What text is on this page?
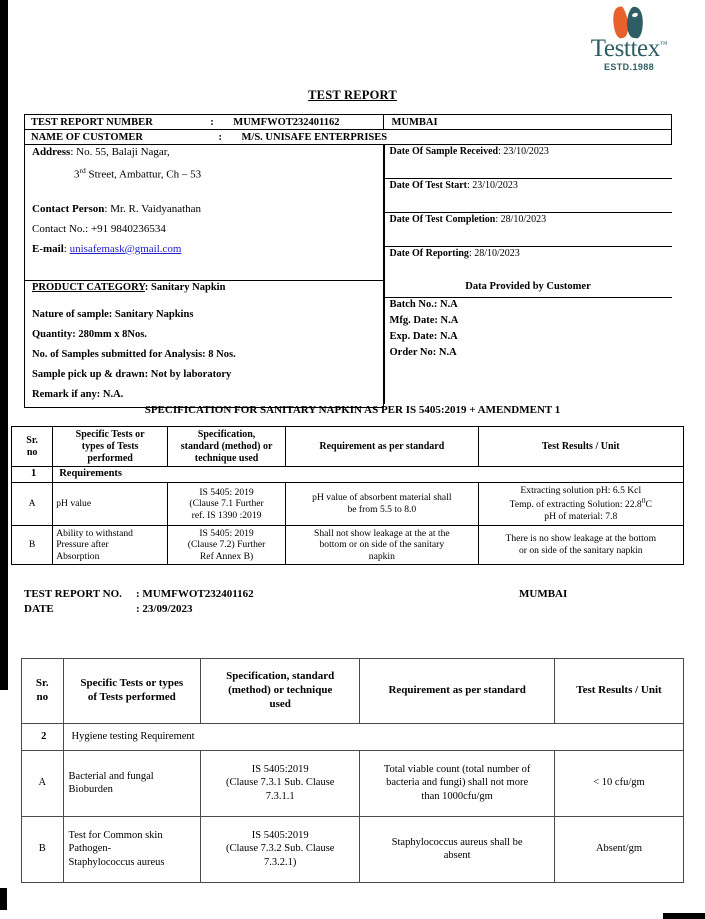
Testtex™
ESTD.1988
TEST REPORT
TEST REPORT NUMBER	: MUMFWOT232401162	MUMBAI
NAME OF CUSTOMER	: M/S. UNISAFE ENTERPRISES

Address: No. 55, Balaji Nagar,
3rd Street, Ambattur, Ch – 53
Contact Person: Mr. R. Vaidyanathan
Contact No.: +91 9840236534
E-mail: unisafemask@gmail.com

Date Of Sample Received: 23/10/2023
Date Of Test Start: 23/10/2023
Date Of Test Completion: 28/10/2023
Date Of Reporting: 28/10/2023

PRODUCT CATEGORY: Sanitary Napkin
Nature of sample: Sanitary Napkins
Quantity: 280mm x 8Nos.
No. of Samples submitted for Analysis: 8 Nos.
Sample pick up & drawn: Not by laboratory
Remark if any: N.A.

Data Provided by Customer

Batch No.: N.A
Mfg. Date: N.A
Exp. Date: N.A
Order No: N.A
SPECIFICATION FOR SANITARY NAPKIN AS PER IS 5405:2019 + AMENDMENT 1
Sr.
no	Specific Tests or
types of Tests
performed	Specification,
standard (method) or
technique used	Requirement as per standard	Test Results / Unit
1	Requirements			
A	pH value	IS 5405: 2019
(Clause 7.1 Further
ref. IS 1390 :2019	pH value of absorbent material shall
be from 5.5 to 8.0	Extracting solution pH: 6.5 Kcl
Temp. of extracting Solution: 22.8$^0$C
pH of material: 7.8
B	Ability to withstand
Pressure after
Absorption	IS 5405: 2019
(Clause 7.2) Further
Ref Annex B)	Shall not show leakage at the at the
bottom or on side of the sanitary
napkin	There is no show leakage at the bottom
or on side of the sanitary napkin
TEST REPORT NO. : MUMFWOT232401162	MUMBAI
DATE	: 23/09/2023
Sr.
no	Specific Tests or types
of Tests performed	Specification, standard
(method) or technique
used	Requirement as per standard	Test Results / Unit
2	Hygiene testing Requirement			
A	Bacterial and fungal
Bioburden	IS 5405:2019
(Clause 7.3.1 Sub. Clause
7.3.1.1	Total viable count (total number of
bacteria and fungi) shall not more
than 1000cfu/gm	< 10 cfu/gm
B	Test for Common skin
Pathogen-
Staphylococcus aureus	IS 5405:2019
(Clause 7.3.2 Sub. Clause
7.3.2.1)	Staphylococcus aureus shall be
absent	Absent/gm
